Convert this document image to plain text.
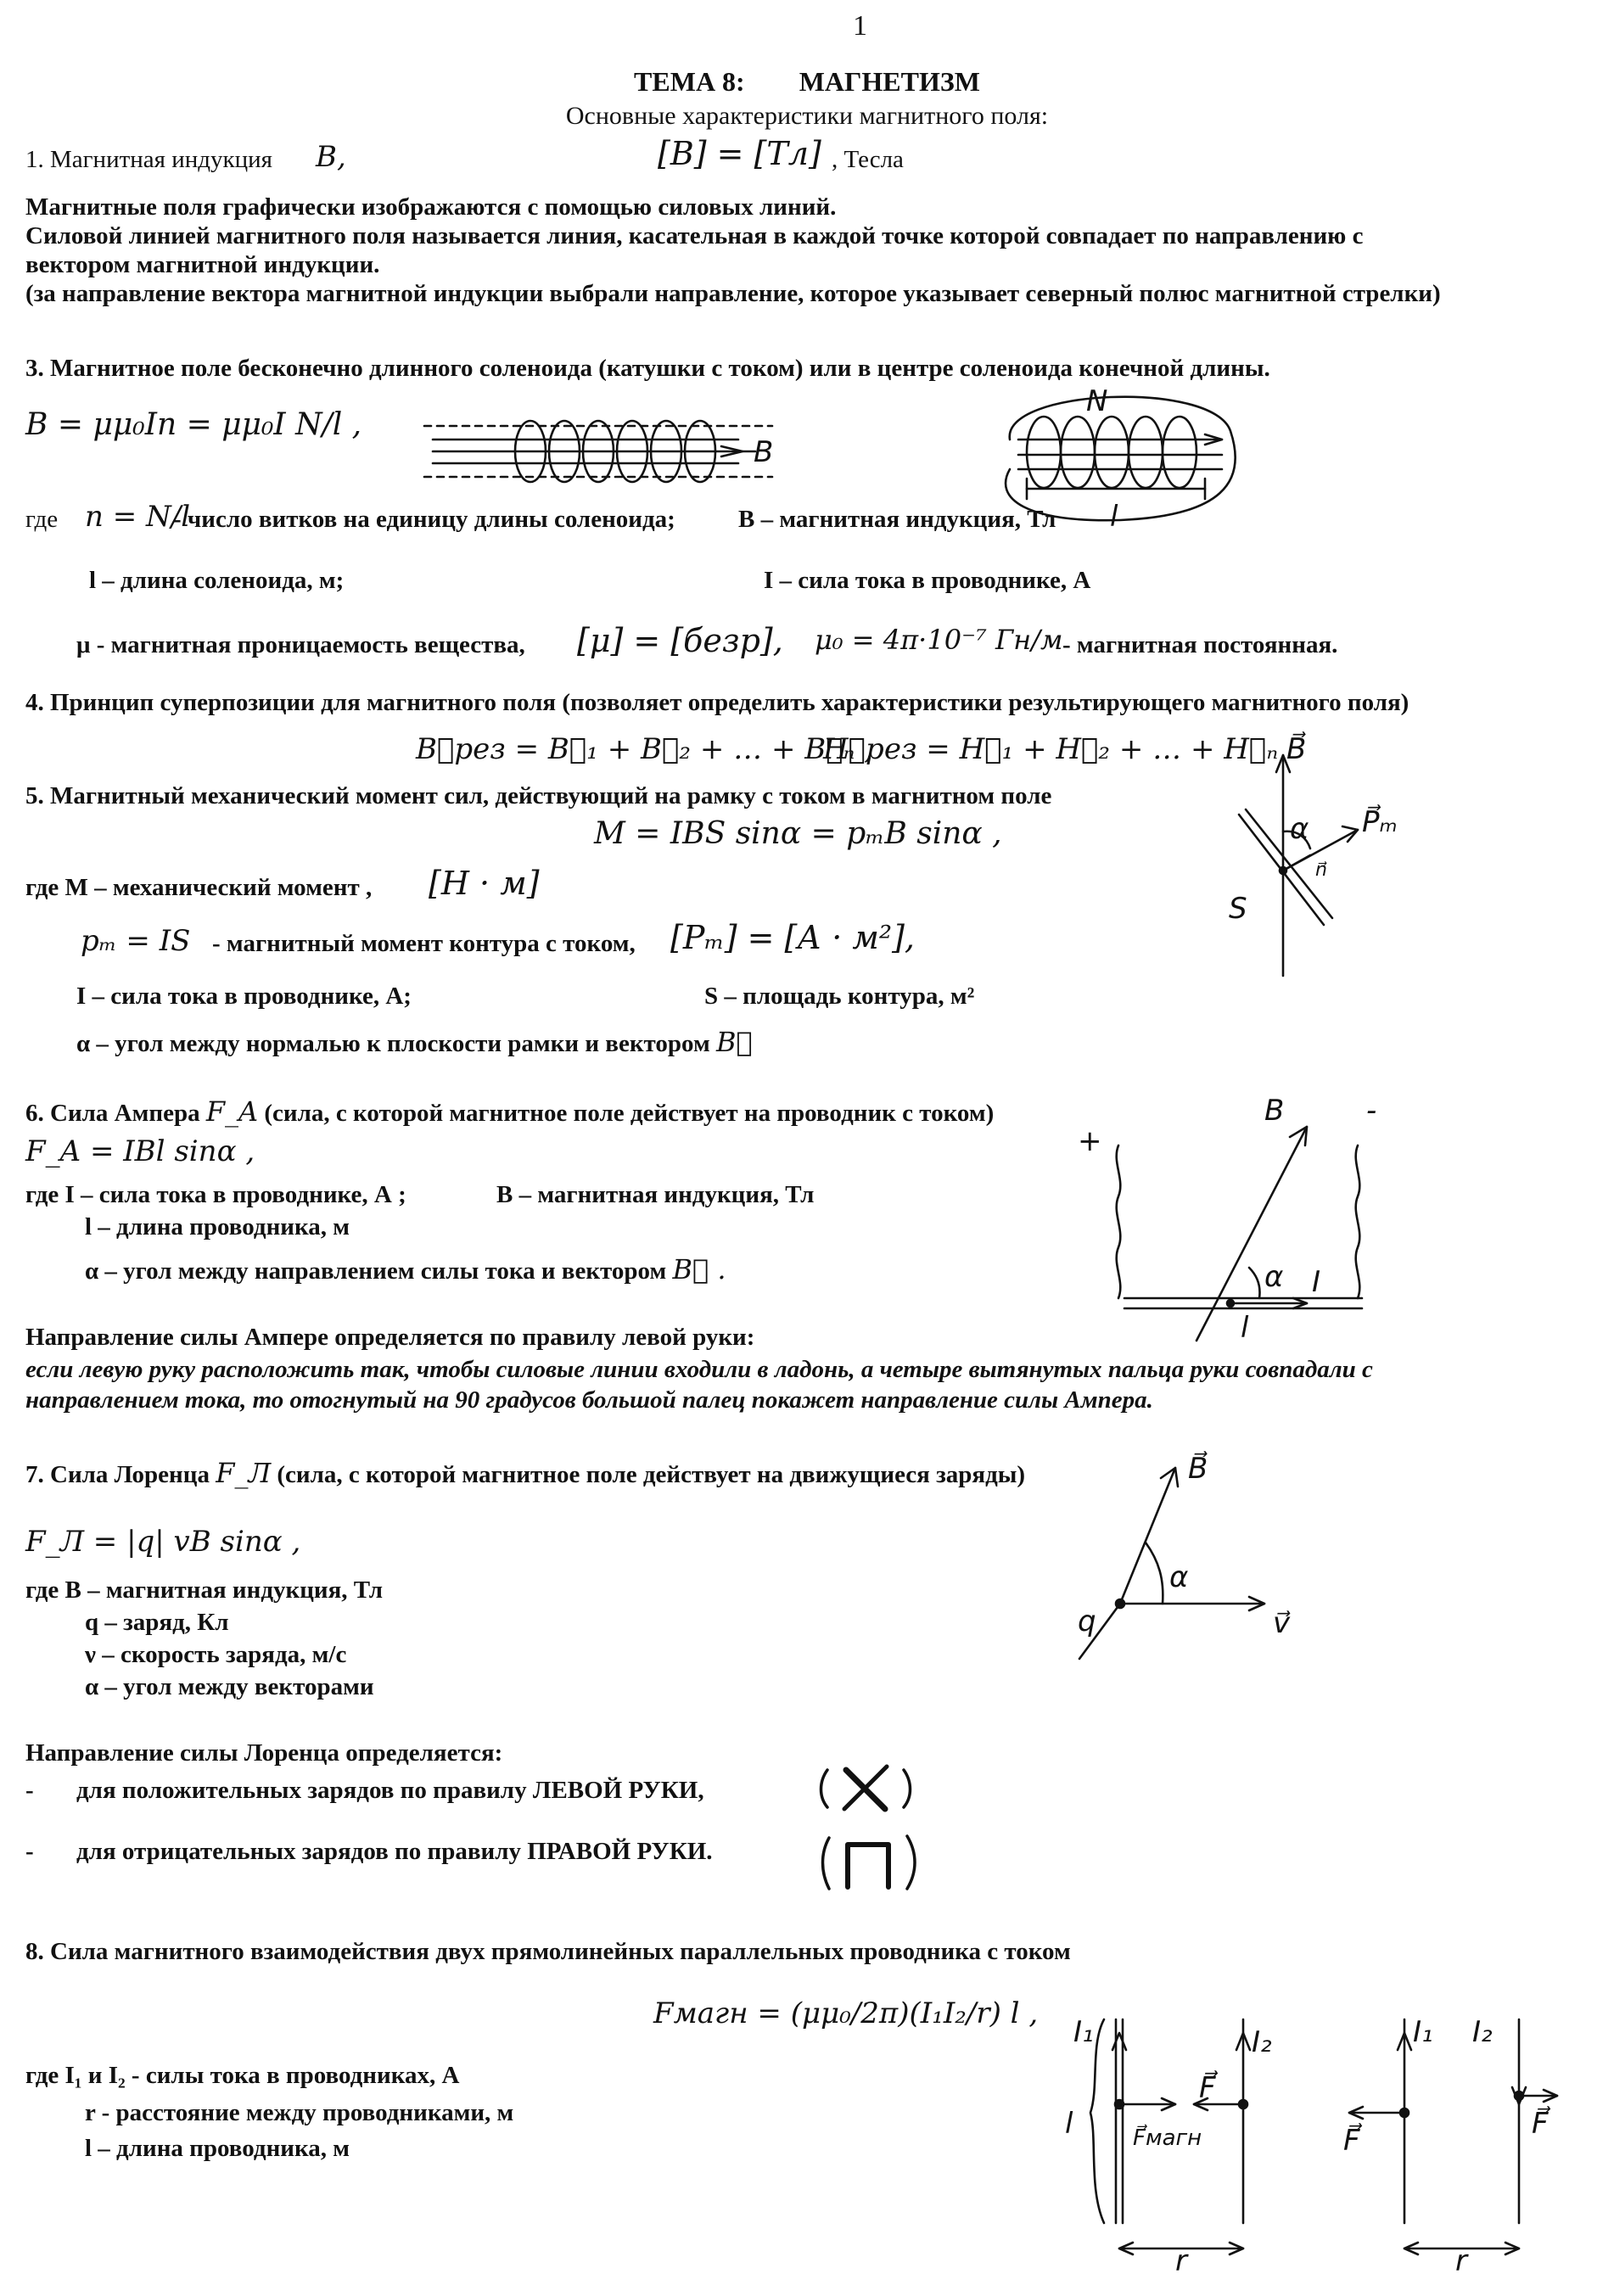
1
ТЕМА 8: МАГНЕТИЗМ
Основные характеристики магнитного поля:
1. Магнитная индукция B,	[B] = [Тл] , Тесла
Магнитные поля графически изображаются с помощью силовых линий.
Силовой линией магнитного поля называется линия, касательная в каждой точке которой совпадает по направлению с
вектором магнитной индукции.
(за направление вектора магнитной индукции выбрали направление, которое указывает северный полюс магнитной стрелки)
3. Магнитное поле бесконечно длинного соленоида (катушки с током) или в центре соленоида конечной длины.
B = μμ₀In = μμ₀I N/l ,
B
N
l
где n = N/l
- число витков на единицу длины соленоида;	B – магнитная индукция, Тл
l – длина соленоида, м;	I – сила тока в проводнике, А
μ - магнитная проницаемость вещества, [μ] = [безр], μ₀ = 4π·10⁻⁷ Гн/м - магнитная постоянная.
4. Принцип суперпозиции для магнитного поля (позволяет определить характеристики результирующего магнитного поля)
B⃗рез = B⃗₁ + B⃗₂ + … + B⃗ₙ ,
H⃗рез = H⃗₁ + H⃗₂ + … + H⃗ₙ
5. Магнитный механический момент сил, действующий на рамку с током в магнитном поле
M = IBS sinα = pₘB sinα ,
B⃗
P⃗ₘ
α
n⃗
S
где M – механический момент , [Н · м]
pₘ = IS - магнитный момент контура с током, [Pₘ] = [А · м²],
I – сила тока в проводнике, А;	S – площадь контура, м²
α – угол между нормалью к плоскости рамки и вектором B⃗
6. Сила Ампера F_A (сила, с которой магнитное поле действует на проводник с током)
F_A = IBl sinα ,
где I – сила тока в проводнике, А ;	В – магнитная индукция, Тл
l – длина проводника, м
α – угол между направлением силы тока и вектором B⃗ .
B
+
-
α I
l
Направление силы Ампере определяется по правилу левой руки:
если левую руку расположить так, чтобы силовые линии входили в ладонь, а четыре вытянутых пальца руки совпадали с
направлением тока, то отогнутый на 90 градусов большой палец покажет направление силы Ампера.
7. Сила Лоренца F_Л (сила, с которой магнитное поле действует на движущиеся заряды)
F_Л = |q| vB sinα ,
где В – магнитная индукция, Тл
q – заряд, Кл
ν – скорость заряда, м/с
α – угол между векторами
B⃗
v⃗
q
α
Направление силы Лоренца определяется:
- для положительных зарядов по правилу ЛЕВОЙ РУКИ,
- для отрицательных зарядов по правилу ПРАВОЙ РУКИ.
8. Сила магнитного взаимодействия двух прямолинейных параллельных проводника с током
Fмагн = (μμ₀/2π)(I₁I₂/r) l ,
где I₁ и I₂ - силы тока в проводниках, А
r - расстояние между проводниками, м
l – длина проводника, м
I₁	I₂
l	F⃗магн
F⃗
r
I₁ I₂
F⃗	F⃗
r
